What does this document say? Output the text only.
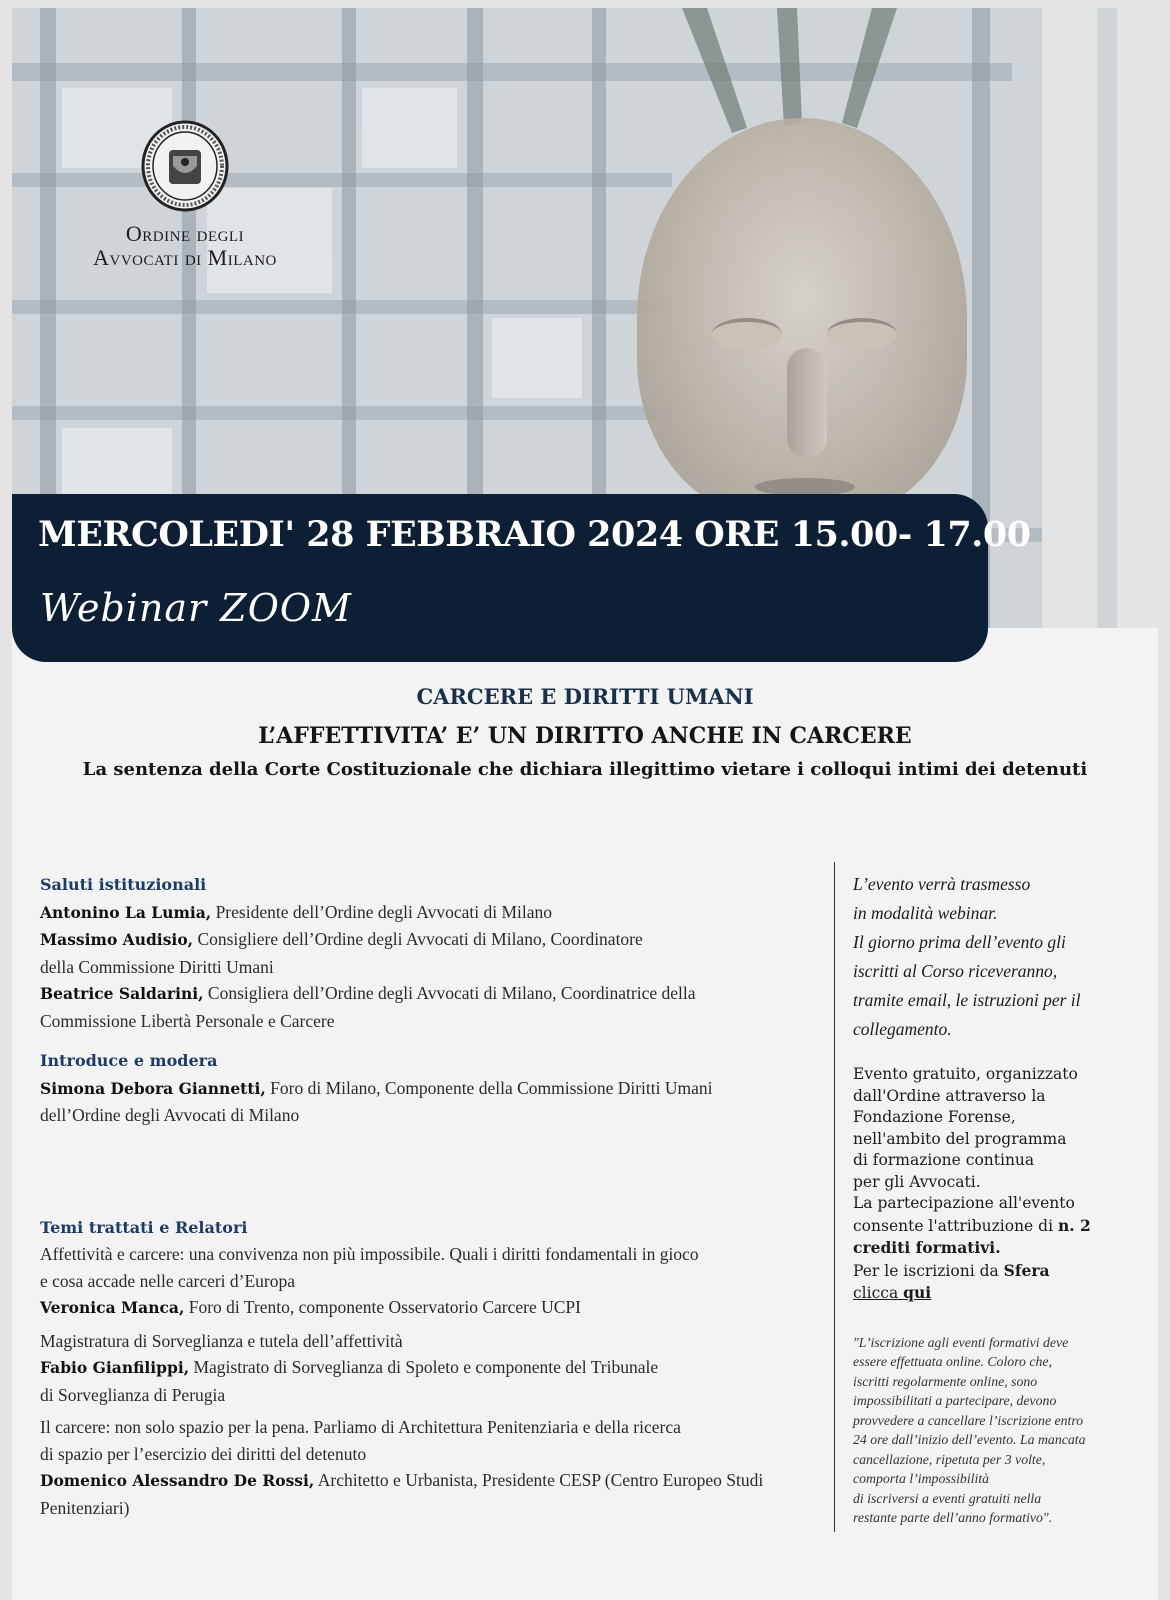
Ordine degli
Avvocati di Milano
MERCOLEDI' 28 FEBBRAIO 2024 ORE 15.00- 17.00
Webinar ZOOM
CARCERE E DIRITTI UMANI
L’AFFETTIVITA’ E’ UN DIRITTO ANCHE IN CARCERE
La sentenza della Corte Costituzionale che dichiara illegittimo vietare i colloqui intimi dei detenuti

Saluti istituzionali

Antonino La Lumia, Presidente dell’Ordine degli Avvocati di Milano

Massimo Audisio, Consigliere dell’Ordine degli Avvocati di Milano, Coordinatore

della Commissione Diritti Umani

Beatrice Saldarini, Consigliera dell’Ordine degli Avvocati di Milano, Coordinatrice della

Commissione Libertà Personale e Carcere

Introduce e modera

Simona Debora Giannetti, Foro di Milano, Componente della Commissione Diritti Umani

dell’Ordine degli Avvocati di Milano

Temi trattati e Relatori

Affettività e carcere: una convivenza non più impossibile. Quali i diritti fondamentali in gioco

e cosa accade nelle carceri d’Europa

Veronica Manca, Foro di Trento, componente Osservatorio Carcere UCPI

Magistratura di Sorveglianza e tutela dell’affettività

Fabio Gianfilippi, Magistrato di Sorveglianza di Spoleto e componente del Tribunale

di Sorveglianza di Perugia

Il carcere: non solo spazio per la pena. Parliamo di Architettura Penitenziaria e della ricerca

di spazio per l’esercizio dei diritti del detenuto

Domenico Alessandro De Rossi, Architetto e Urbanista, Presidente CESP (Centro Europeo Studi

Penitenziari)

L’evento verrà trasmesso

in modalità webinar.

Il giorno prima dell’evento gli

iscritti al Corso riceveranno,

tramite email, le istruzioni per il

collegamento.

Evento gratuito, organizzato

dall'Ordine attraverso la

Fondazione Forense,

nell'ambito del programma

di formazione continua

per gli Avvocati.

La partecipazione all'evento consente l'attribuzione di n. 2 crediti formativi.

Per le iscrizioni da Sfera

clicca qui

"L’iscrizione agli eventi formativi deve
essere effettuata online. Coloro che,
iscritti regolarmente online, sono
impossibilitati a partecipare, devono
provvedere a cancellare l’iscrizione entro
24 ore dall’inizio dell’evento. La mancata
cancellazione, ripetuta per 3 volte,
comporta l’impossibilità
di iscriversi a eventi gratuiti nella
restante parte dell’anno formativo".
